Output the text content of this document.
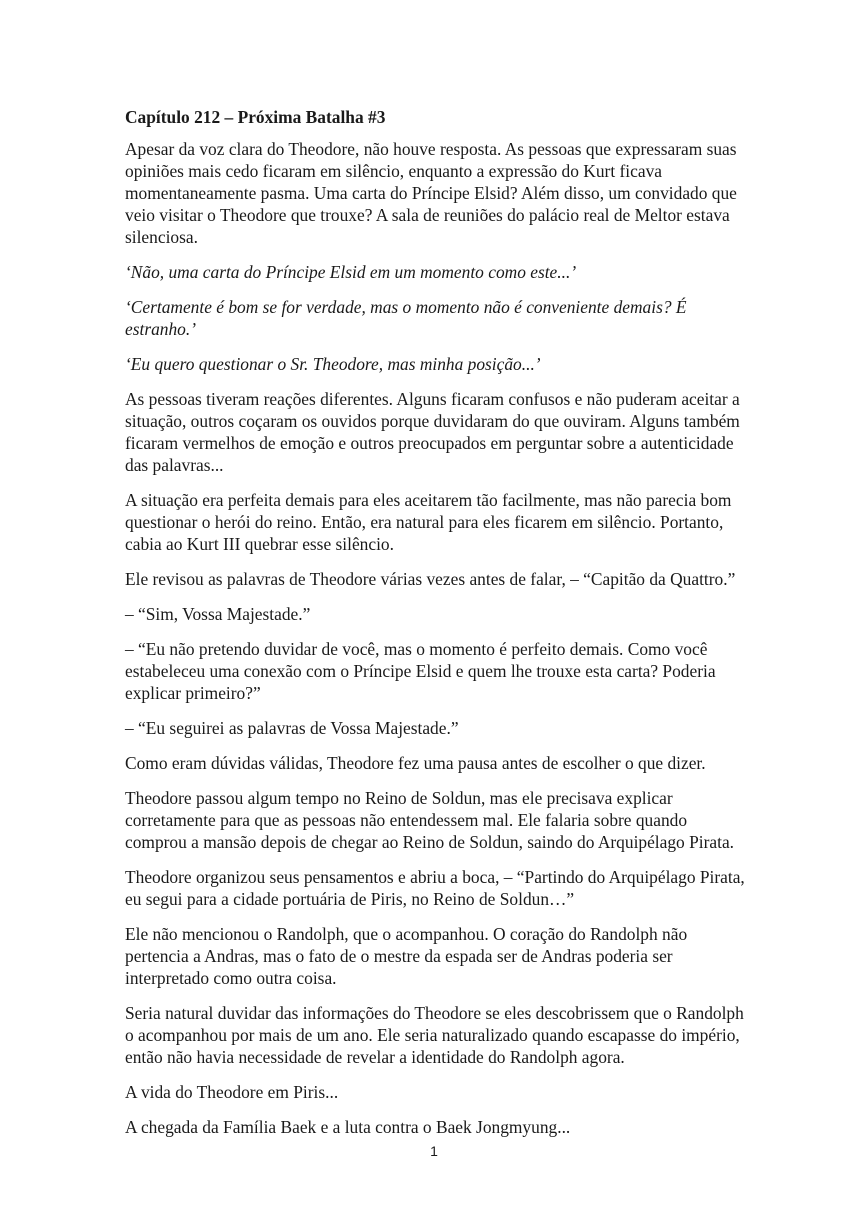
Capítulo 212 – Próxima Batalha #3

Apesar da voz clara do Theodore, não houve resposta. As pessoas que expressaram suas opiniões mais cedo ficaram em silêncio, enquanto a expressão do Kurt ficava momentaneamente pasma. Uma carta do Príncipe Elsid? Além disso, um convidado que veio visitar o Theodore que trouxe? A sala de reuniões do palácio real de Meltor estava silenciosa.

‘Não, uma carta do Príncipe Elsid em um momento como este...’

‘Certamente é bom se for verdade, mas o momento não é conveniente demais? É estranho.’

‘Eu quero questionar o Sr. Theodore, mas minha posição...’

As pessoas tiveram reações diferentes. Alguns ficaram confusos e não puderam aceitar a situação, outros coçaram os ouvidos porque duvidaram do que ouviram. Alguns também ficaram vermelhos de emoção e outros preocupados em perguntar sobre a autenticidade das palavras...

A situação era perfeita demais para eles aceitarem tão facilmente, mas não parecia bom questionar o herói do reino. Então, era natural para eles ficarem em silêncio. Portanto, cabia ao Kurt III quebrar esse silêncio.

Ele revisou as palavras de Theodore várias vezes antes de falar, – “Capitão da Quattro.”

– “Sim, Vossa Majestade.”

– “Eu não pretendo duvidar de você, mas o momento é perfeito demais. Como você estabeleceu uma conexão com o Príncipe Elsid e quem lhe trouxe esta carta? Poderia explicar primeiro?”

– “Eu seguirei as palavras de Vossa Majestade.”

Como eram dúvidas válidas, Theodore fez uma pausa antes de escolher o que dizer.

Theodore passou algum tempo no Reino de Soldun, mas ele precisava explicar corretamente para que as pessoas não entendessem mal. Ele falaria sobre quando comprou a mansão depois de chegar ao Reino de Soldun, saindo do Arquipélago Pirata.

Theodore organizou seus pensamentos e abriu a boca, – “Partindo do Arquipélago Pirata, eu segui para a cidade portuária de Piris, no Reino de Soldun…”

Ele não mencionou o Randolph, que o acompanhou. O coração do Randolph não pertencia a Andras, mas o fato de o mestre da espada ser de Andras poderia ser interpretado como outra coisa.

Seria natural duvidar das informações do Theodore se eles descobrissem que o Randolph o acompanhou por mais de um ano. Ele seria naturalizado quando escapasse do império, então não havia necessidade de revelar a identidade do Randolph agora.

A vida do Theodore em Piris...

A chegada da Família Baek e a luta contra o Baek Jongmyung...

1
